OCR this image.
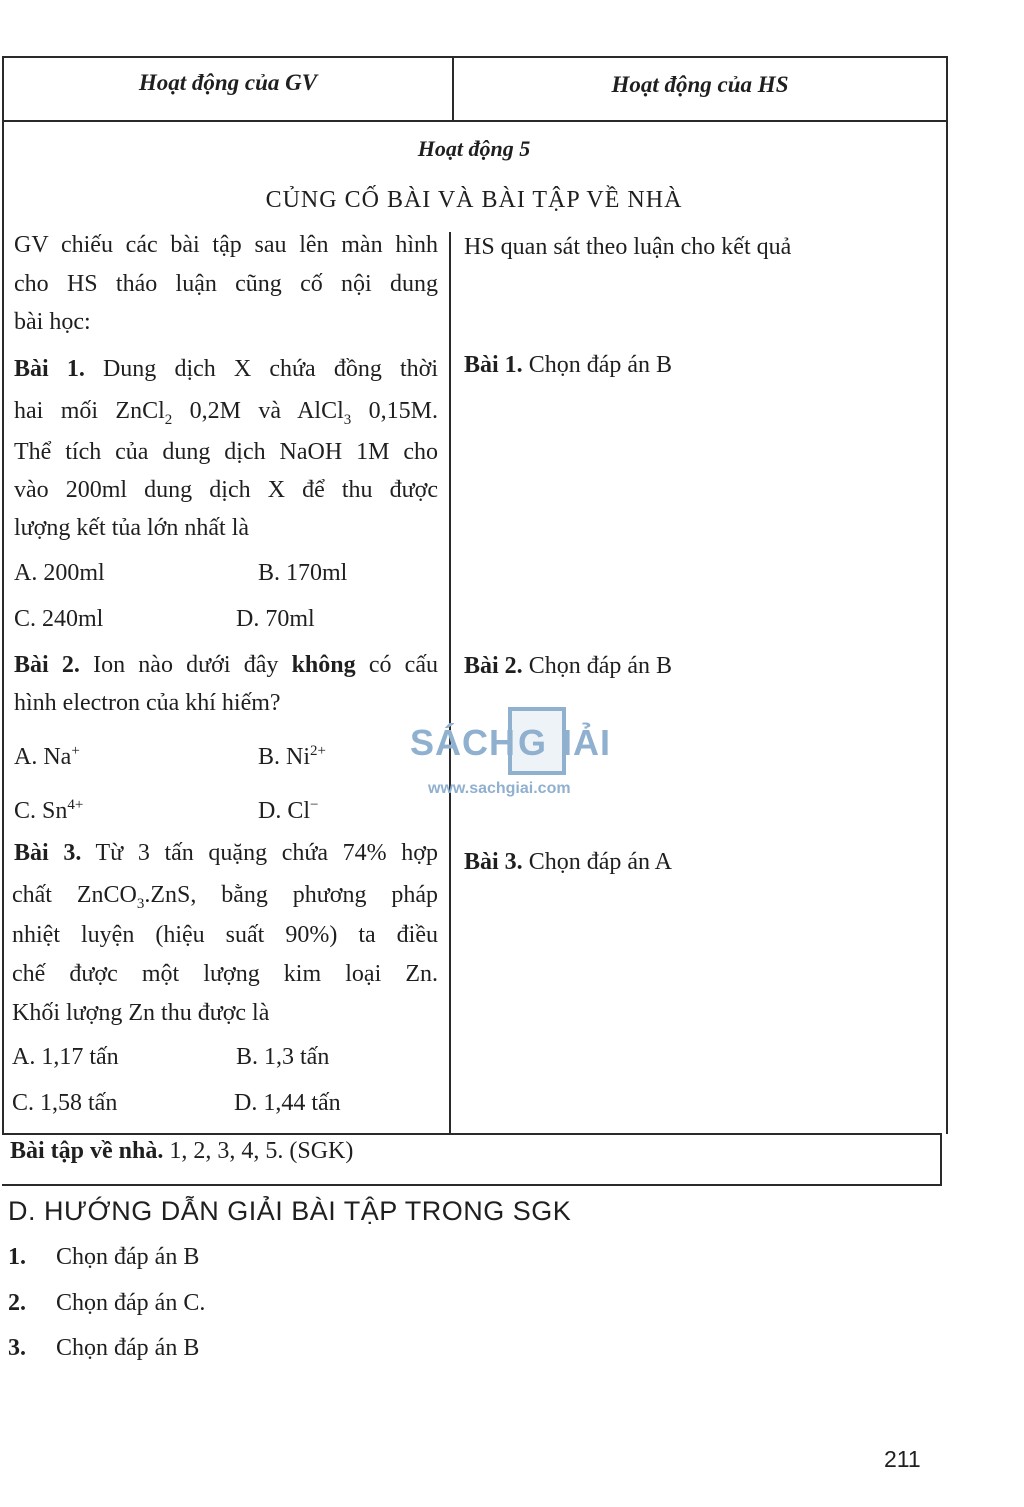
Hoạt động của GV	Hoạt động của HS
Hoạt động 5
CỦNG CỐ BÀI VÀ BÀI TẬP VỀ NHÀ
GV chiếu các bài tập sau lên màn hình
cho HS tháo luận cũng cố nội dung
bài học:
HS quan sát theo luận cho kết quả
Bài 1. Dung dịch X chứa đồng thời
hai mối ZnCl$_2$ 0,2M và AlCl$_3$ 0,15M.
Thể tích của dung dịch NaOH 1M cho
vào 200ml dung dịch X để thu được
lượng kết tủa lớn nhất là
A. 200ml	B. 170ml
C. 240ml	D. 70ml
Bài 1. Chọn đáp án B
Bài 2. Ion nào dưới đây không có cấu
hình electron của khí hiếm?
A. Na+	B. $Ni^{2+}$
C. $Sn^{4+}$	D. Cl−
Bài 2. Chọn đáp án B
Bài 3. Từ 3 tấn quặng chứa 74% hợp
chất ZnCO$_3$.ZnS, bằng phương pháp
nhiệt luyện (hiệu suất 90%) ta điều
chế được một lượng kim loại Zn.
Khối lượng Zn thu được là
A. 1,17 tấn	B. 1,3 tấn
C. 1,58 tấn	D. 1,44 tấn
Bài 3. Chọn đáp án A
Bài tập về nhà. 1, 2, 3, 4, 5. (SGK)
D. HƯỚNG DẪN GIẢI BÀI TẬP TRONG SGK
1. Chọn đáp án B
2. Chọn đáp án C.
3. Chọn đáp án B
SÁCH G IẢI
www.sachgiai.com
211
